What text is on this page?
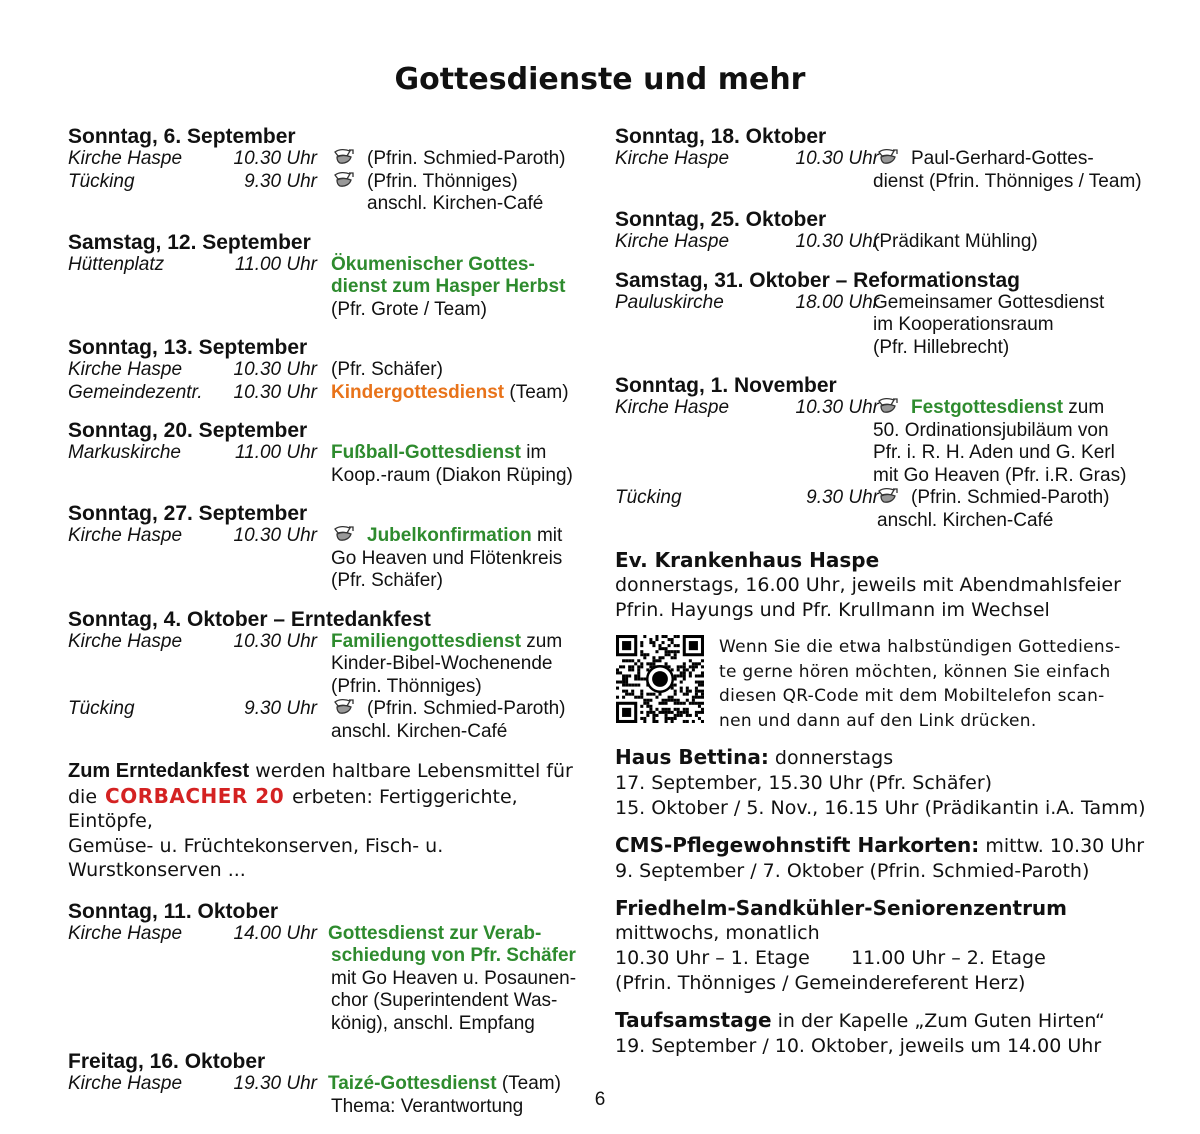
Gottesdienste und mehr
Sonntag, 6. September
Kirche Haspe	10.30 Uhr	(Pfrin. Schmied-Paroth)
Tücking	9.30 Uhr	(Pfrin. Thönniges)
anschl. Kirchen-Café
Samstag, 12. September
Hüttenplatz	11.00 Uhr Ökumenischer Gottes-
dienst zum Hasper Herbst
(Pfr. Grote / Team)
Sonntag, 13. September
Kirche Haspe	10.30 Uhr (Pfr. Schäfer)
Gemeindezentr. 10.30 Uhr Kindergottesdienst (Team)
Sonntag, 20. September
Markuskirche	11.00 Uhr Fußball-Gottesdienst im
Koop.-raum (Diakon Rüping)
Sonntag, 27. September
Kirche Haspe	10.30 Uhr	Jubelkonfirmation mit
Go Heaven und Flötenkreis
(Pfr. Schäfer)
Sonntag, 4. Oktober – Erntedankfest
Kirche Haspe	10.30 Uhr Familiengottesdienst zum
Kinder-Bibel-Wochenende
(Pfrin. Thönniges)
Tücking	9.30 Uhr	(Pfrin. Schmied-Paroth)
anschl. Kirchen-Café
Zum Erntedankfest werden haltbare Lebensmittel für
die CORBACHER 20 erbeten: Fertiggerichte, Eintöpfe,
Gemüse- u. Früchtekonserven, Fisch- u. Wurstkonserven ...
Sonntag, 11. Oktober
Kirche Haspe	14.00 Uhr Gottesdienst zur Verab-
schiedung von Pfr. Schäfer
mit Go Heaven u. Posaunen-
chor (Superintendent Was-
könig), anschl. Empfang
Freitag, 16. Oktober
Kirche Haspe	19.30 Uhr Taizé-Gottesdienst (Team)
Thema: Verantwortung
Sonntag, 18. Oktober
Kirche Haspe	10.30 Uhr	Paul-Gerhard-Gottes-
dienst (Pfrin. Thönniges / Team)
Sonntag, 25. Oktober
Kirche Haspe	10.30 Uhr
(Prädikant Mühling)
Samstag, 31. Oktober – Reformationstag
Pauluskirche	18.00 Uhr
Gemeinsamer Gottesdienst
im Kooperationsraum
(Pfr. Hillebrecht)
Sonntag, 1. November
Kirche Haspe	10.30 Uhr	Festgottesdienst zum
50. Ordinationsjubiläum von
Pfr. i. R. H. Aden und G. Kerl
mit Go Heaven (Pfr. i.R. Gras)
Tücking	9.30 Uhr	(Pfrin. Schmied-Paroth)
anschl. Kirchen-Café
Ev. Krankenhaus Haspe
donnerstags, 16.00 Uhr, jeweils mit Abendmahlsfeier
Pfrin. Hayungs und Pfr. Krullmann im Wechsel
Wenn Sie die etwa halbstündigen Gottediens-
te gerne hören möchten, können Sie einfach
diesen QR-Code mit dem Mobiltelefon scan-
nen und dann auf den Link drücken.
Haus Bettina: donnerstags
17. September, 15.30 Uhr (Pfr. Schäfer)
15. Oktober / 5. Nov., 16.15 Uhr (Prädikantin i.A. Tamm)
CMS-Pflegewohnstift Harkorten: mittw. 10.30 Uhr
9. September / 7. Oktober (Pfrin. Schmied-Paroth)
Friedhelm-Sandkühler-Seniorenzentrum
mittwochs, monatlich
10.30 Uhr – 1. Etage 11.00 Uhr – 2. Etage
(Pfrin. Thönniges / Gemeindereferent Herz)
Taufsamstage in der Kapelle „Zum Guten Hirten“
19. September / 10. Oktober, jeweils um 14.00 Uhr
6
